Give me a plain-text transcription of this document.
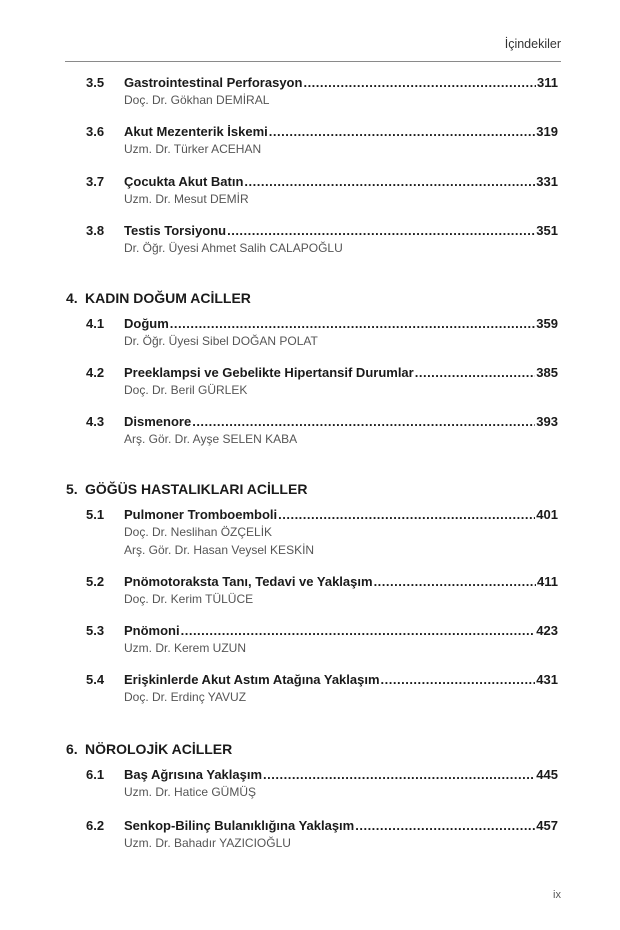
İçindekiler
3.5	Gastrointestinal Perforasyon .....	311
Doç. Dr. Gökhan DEMİRAL
3.6	Akut Mezenterik İskemi .....	319
Uzm. Dr. Türker ACEHAN
3.7	Çocukta Akut Batın .....	331
Uzm. Dr. Mesut DEMİR
3.8	Testis Torsiyonu .....	351
Dr. Öğr. Üyesi Ahmet Salih CALAPOĞLU
4. KADIN DOĞUM ACİLLER
4.1	Doğum .....	359
Dr. Öğr. Üyesi Sibel DOĞAN POLAT
4.2	Preeklampsi ve Gebelikte Hipertansif Durumlar .....	385
Doç. Dr. Beril GÜRLEK
4.3	Dismenore .....	393
Arş. Gör. Dr. Ayşe SELEN KABA
5. GÖĞÜS HASTALIKLARI ACİLLER
5.1	Pulmoner Tromboemboli .....	401
Doç. Dr. Neslihan ÖZÇELİK
Arş. Gör. Dr. Hasan Veysel KESKİN
5.2	Pnömotoraksta Tanı, Tedavi ve Yaklaşım .....	411
Doç. Dr. Kerim TÜLÜCE
5.3	Pnömoni .....	423
Uzm. Dr. Kerem UZUN
5.4	Erişkinlerde Akut Astım Atağına Yaklaşım .....	431
Doç. Dr. Erdinç YAVUZ
6. NÖROLOJİK ACİLLER
6.1	Baş Ağrısına Yaklaşım .....	445
Uzm. Dr. Hatice GÜMÜŞ
6.2	Senkop-Bilinç Bulanıklığına Yaklaşım .....	457
Uzm. Dr. Bahadır YAZICIOĞLU
ix
